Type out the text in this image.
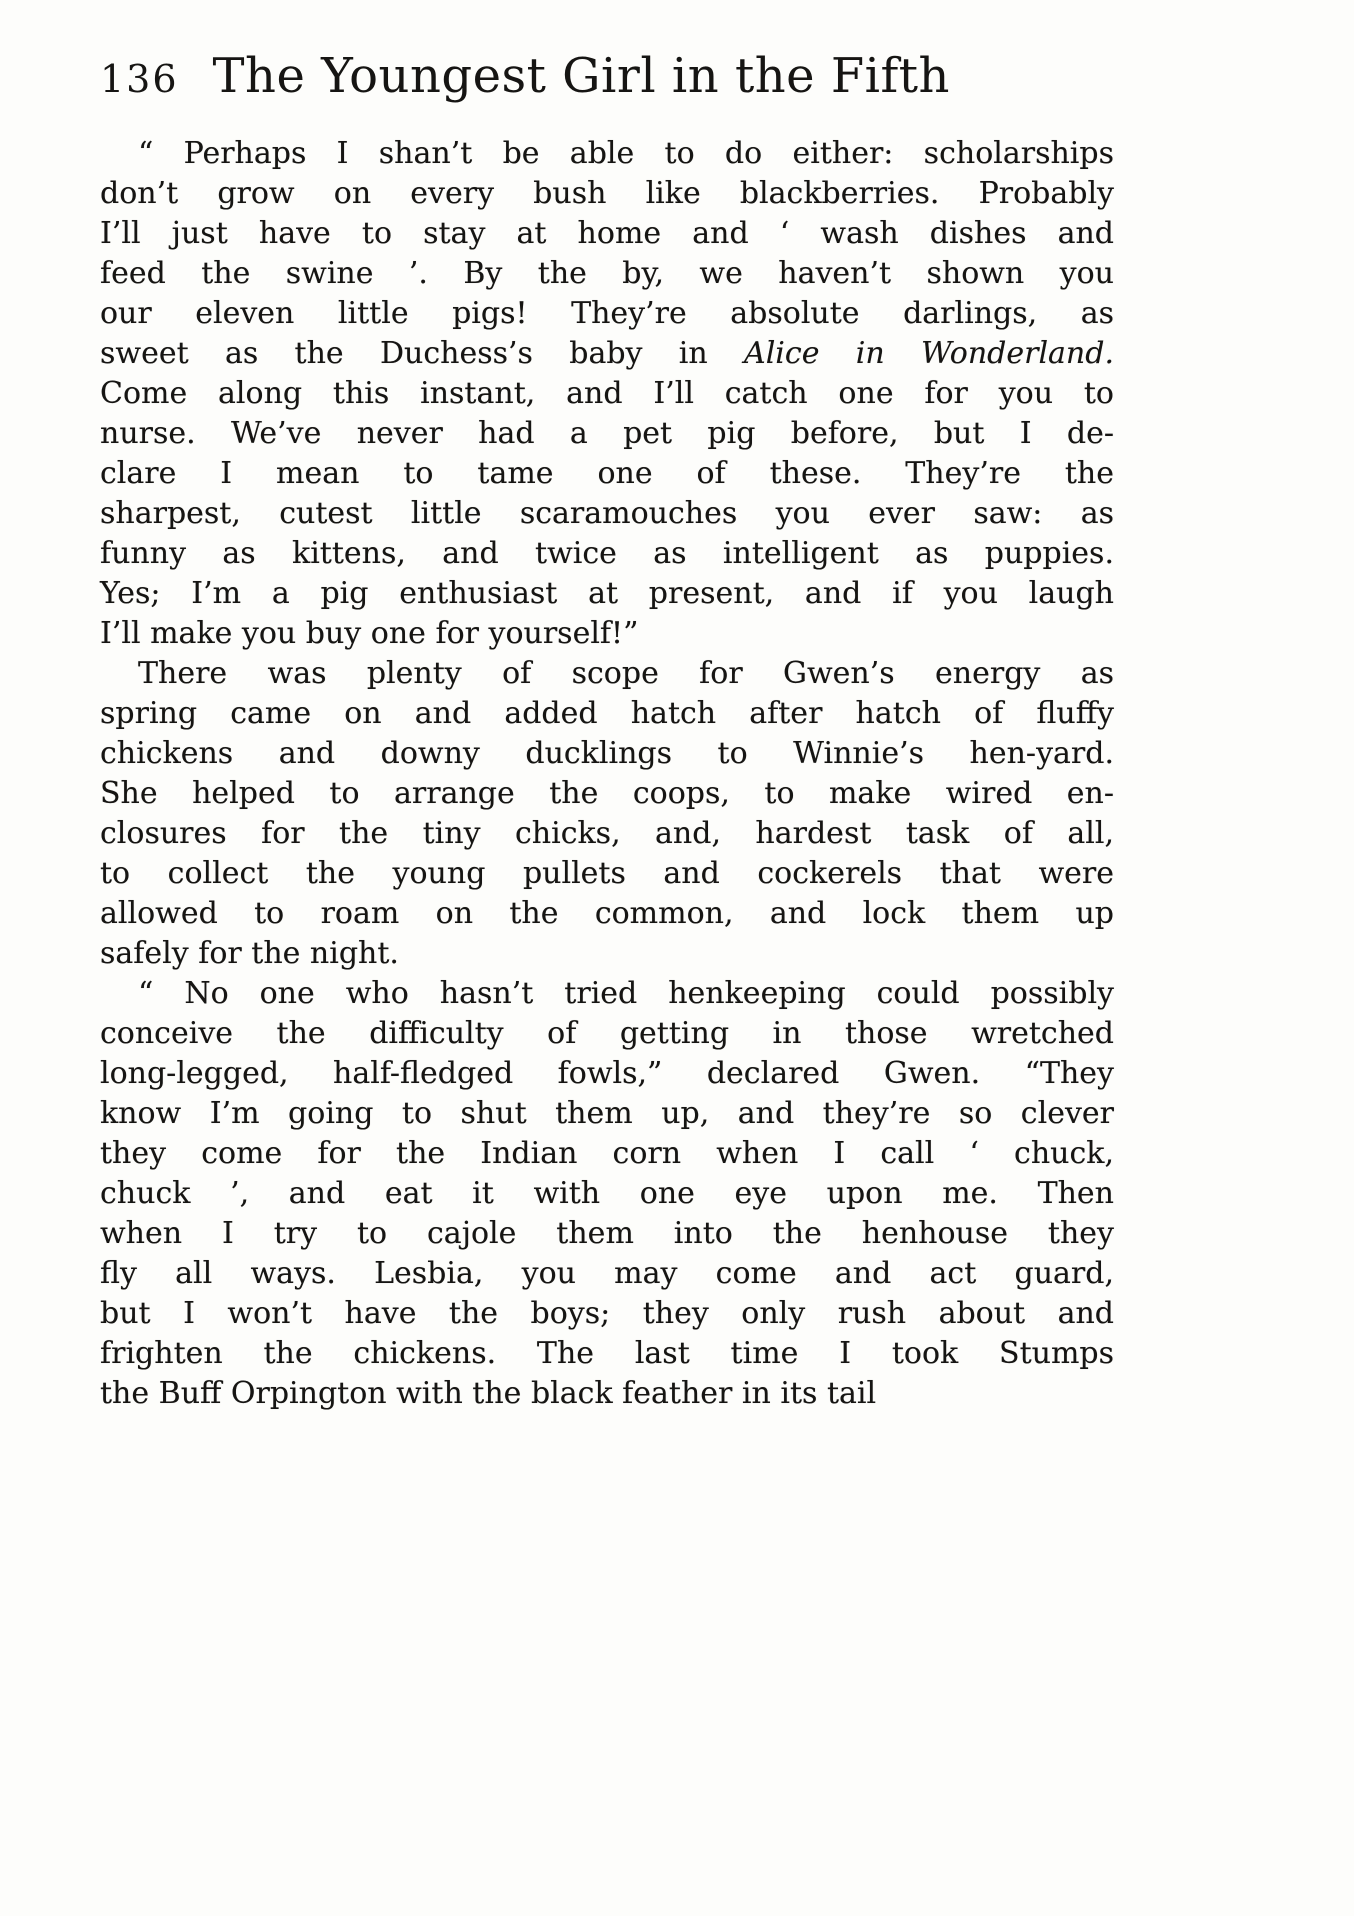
136 The Youngest Girl in the Fifth
“ Perhaps I shan’t be able to do either: scholarships
don’t grow on every bush like blackberries. Probably
I’ll just have to stay at home and ‘ wash dishes and
feed the swine ’. By the by, we haven’t shown you
our eleven little pigs! They’re absolute darlings, as
sweet as the Duchess’s baby in Alice in Wonderland.
Come along this instant, and I’ll catch one for you to
nurse. We’ve never had a pet pig before, but I de-
clare I mean to tame one of these. They’re the
sharpest, cutest little scaramouches you ever saw: as
funny as kittens, and twice as intelligent as puppies.
Yes; I’m a pig enthusiast at present, and if you laugh
I’ll make you buy one for yourself!”
There was plenty of scope for Gwen’s energy as
spring came on and added hatch after hatch of fluffy
chickens and downy ducklings to Winnie’s hen-yard.
She helped to arrange the coops, to make wired en-
closures for the tiny chicks, and, hardest task of all,
to collect the young pullets and cockerels that were
allowed to roam on the common, and lock them up
safely for the night.
“ No one who hasn’t tried henkeeping could possibly
conceive the difficulty of getting in those wretched
long-legged, half-fledged fowls,” declared Gwen. “They
know I’m going to shut them up, and they’re so clever
they come for the Indian corn when I call ‘ chuck,
chuck ’, and eat it with one eye upon me. Then
when I try to cajole them into the henhouse they
fly all ways. Lesbia, you may come and act guard,
but I won’t have the boys; they only rush about and
frighten the chickens. The last time I took Stumps
the Buff Orpington with the black feather in its tail
